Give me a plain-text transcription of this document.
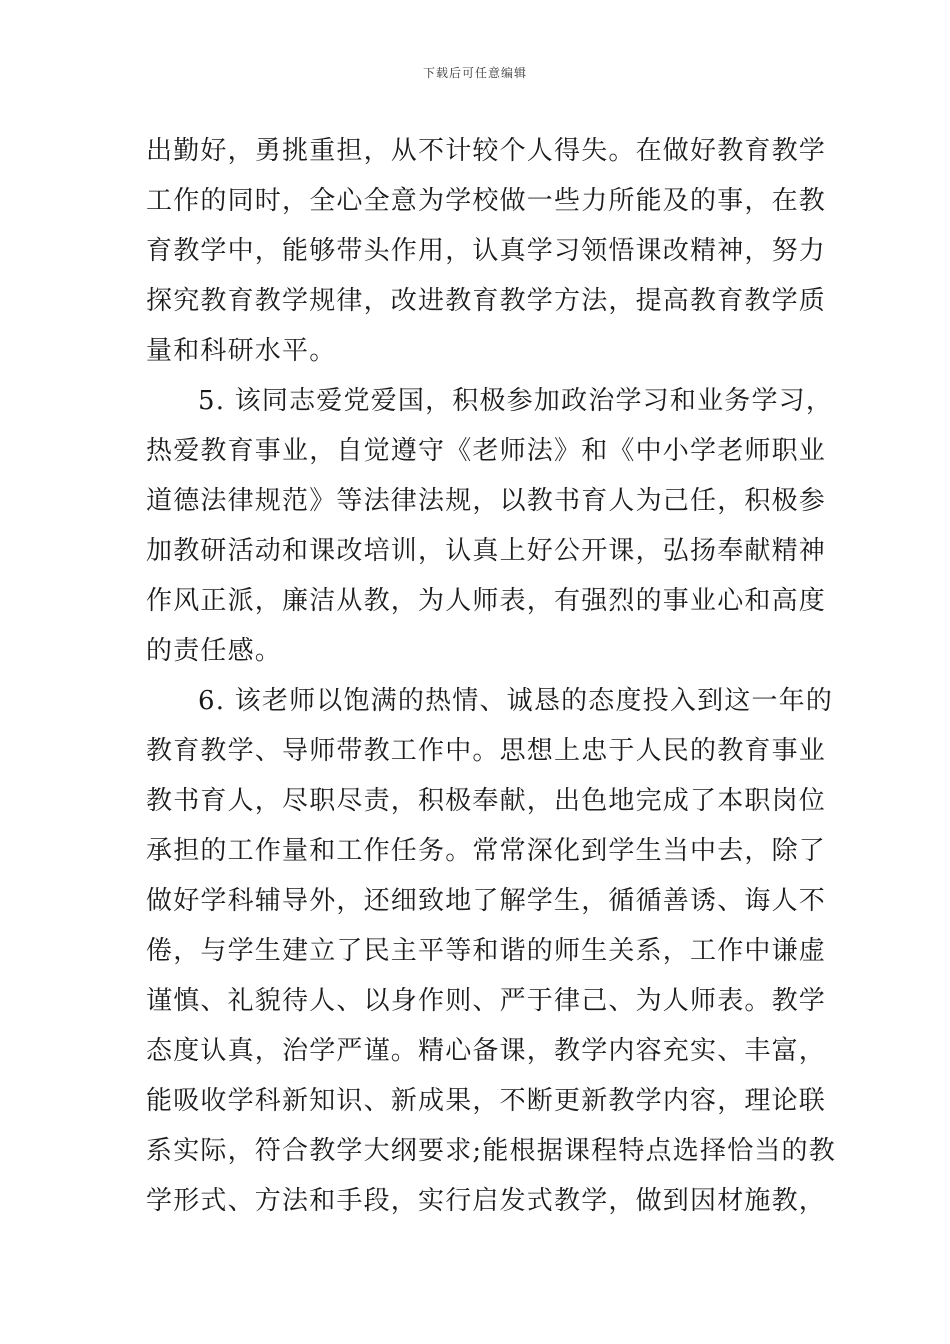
下载后可任意编辑
出勤好，勇挑重担，从不计较个人得失。在做好教育教学
工作的同时，全心全意为学校做一些力所能及的事，在教
育教学中，能够带头作用，认真学习领悟课改精神，努力
探究教育教学规律，改进教育教学方法，提高教育教学质
量和科研水平。
5. 该同志爱党爱国，积极参加政治学习和业务学习，
热爱教育事业，自觉遵守《老师法》和《中小学老师职业
道德法律规范》等法律法规，以教书育人为己任，积极参
加教研活动和课改培训，认真上好公开课，弘扬奉献精神
作风正派，廉洁从教，为人师表，有强烈的事业心和高度
的责任感。
6. 该老师以饱满的热情、诚恳的态度投入到这一年的
教育教学、导师带教工作中。思想上忠于人民的教育事业
教书育人，尽职尽责，积极奉献，出色地完成了本职岗位
承担的工作量和工作任务。常常深化到学生当中去，除了
做好学科辅导外，还细致地了解学生，循循善诱、诲人不
倦，与学生建立了民主平等和谐的师生关系，工作中谦虚
谨慎、礼貌待人、以身作则、严于律己、为人师表。教学
态度认真，治学严谨。精心备课，教学内容充实、丰富，
能吸收学科新知识、新成果，不断更新教学内容，理论联
系实际，符合教学大纲要求;能根据课程特点选择恰当的教
学形式、方法和手段，实行启发式教学，做到因材施教，
